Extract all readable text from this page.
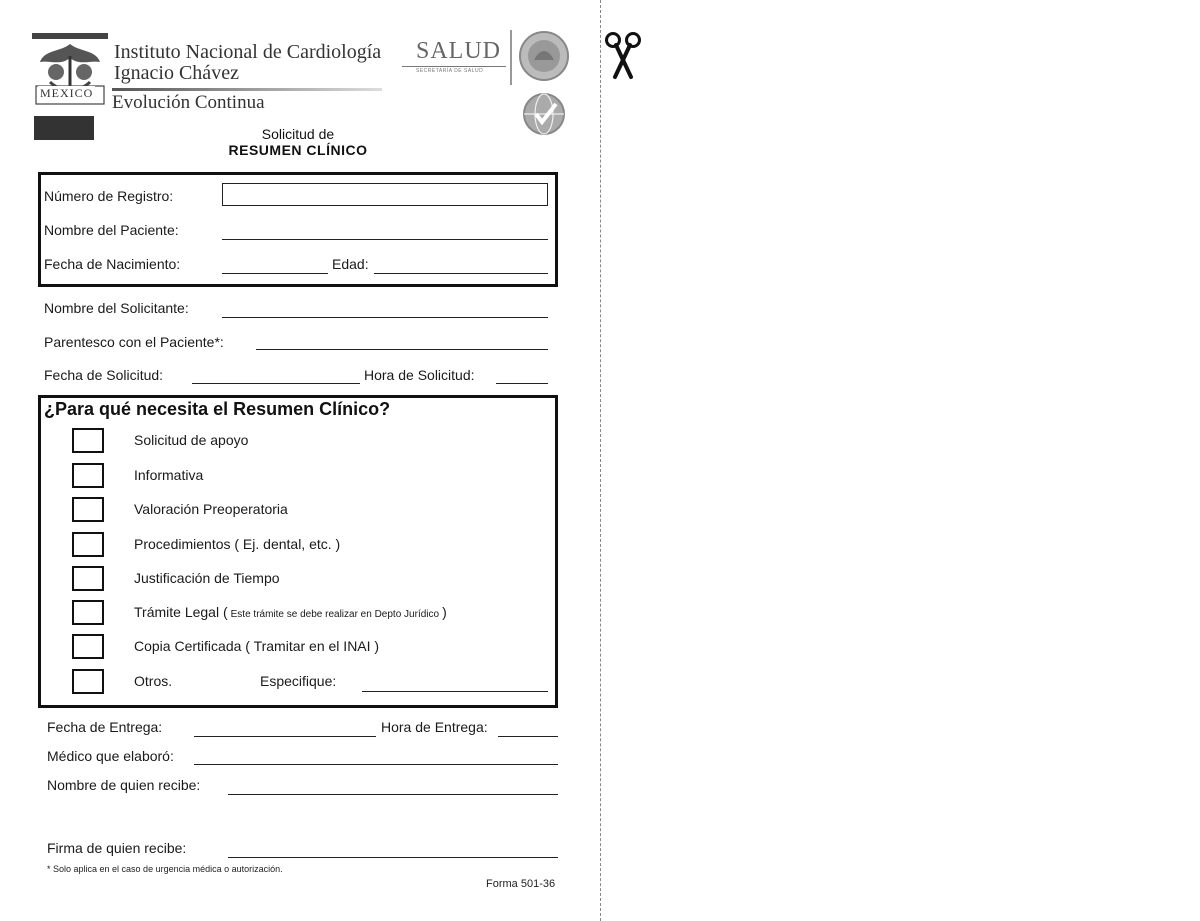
MEXICO
Instituto Nacional de Cardiología
Ignacio Chávez
Evolución Continua
SALUD
SECRETARÍA DE SALUD
Solicitud de
RESUMEN CLÍNICO
Número de Registro:
Nombre del Paciente:
Fecha de Nacimiento:	Edad:
Nombre del Solicitante:
Parentesco con el Paciente*:
Fecha de Solicitud:	Hora de Solicitud:
¿Para qué necesita el Resumen Clínico?
Solicitud de apoyo
Informativa
Valoración Preoperatoria
Procedimientos ( Ej. dental, etc. )
Justificación de Tiempo
Trámite Legal ( Este trámite se debe realizar en Depto Jurídico )
Copia Certificada ( Tramitar en el INAI )
Otros.	Especifique:
Fecha de Entrega:	Hora de Entrega:
Médico que elaboró:
Nombre de quien recibe:
Firma de quien recibe:
* Solo aplica en el caso de urgencia médica o autorización.
Forma 501-36
